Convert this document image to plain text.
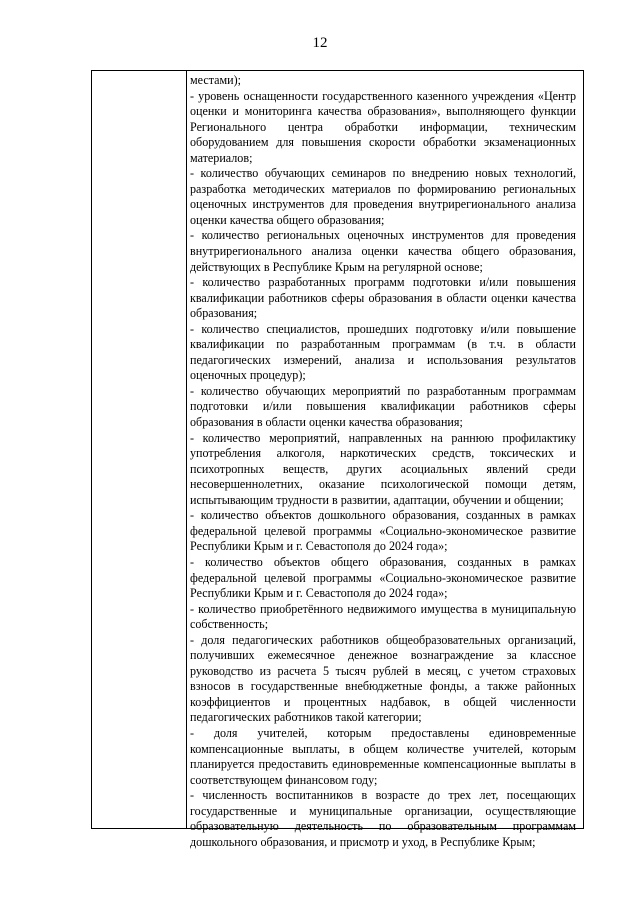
12

местами);

- уровень оснащенности государственного казенного учреждения «Центр оценки и мониторинга качества образования», выполняющего функции Регионального центра обработки информации, техническим оборудованием для повышения скорости обработки экзаменационных материалов;

- количество обучающих семинаров по внедрению новых технологий, разработка методических материалов по формированию региональных оценочных инструментов для проведения внутрирегионального анализа оценки качества общего образования;

- количество региональных оценочных инструментов для проведения внутрирегионального анализа оценки качества общего образования, действующих в Республике Крым на регулярной основе;

- количество разработанных программ подготовки и/или повышения квалификации работников сферы образования в области оценки качества образования;

- количество специалистов, прошедших подготовку и/или повышение квалификации по разработанным программам (в т.ч. в области педагогических измерений, анализа и использования результатов оценочных процедур);

- количество обучающих мероприятий по разработанным программам подготовки и/или повышения квалификации работников сферы образования в области оценки качества образования;

- количество мероприятий, направленных на раннюю профилактику употребления алкоголя, наркотических средств, токсических и психотропных веществ, других асоциальных явлений среди несовершеннолетних, оказание психологической помощи детям, испытывающим трудности в развитии, адаптации, обучении и общении;

- количество объектов дошкольного образования, созданных в рамках федеральной целевой программы «Социально-экономическое развитие Республики Крым и г. Севастополя до 2024 года»;

- количество объектов общего образования, созданных в рамках федеральной целевой программы «Социально-экономическое развитие Республики Крым и г. Севастополя до 2024 года»;

- количество приобретённого недвижимого имущества в муниципальную собственность;

- доля педагогических работников общеобразовательных организаций, получивших ежемесячное денежное вознаграждение за классное руководство из расчета 5 тысяч рублей в месяц, с учетом страховых взносов в государственные внебюджетные фонды, а также районных коэффициентов и процентных надбавок, в общей численности педагогических работников такой категории;

- доля учителей, которым предоставлены единовременные компенсационные выплаты, в общем количестве учителей, которым планируется предоставить единовременные компенсационные выплаты в соответствующем финансовом году;

- численность воспитанников в возрасте до трех лет, посещающих государственные и муниципальные организации, осуществляющие образовательную деятельность по образовательным программам дошкольного образования, и присмотр и уход, в Республике Крым;
